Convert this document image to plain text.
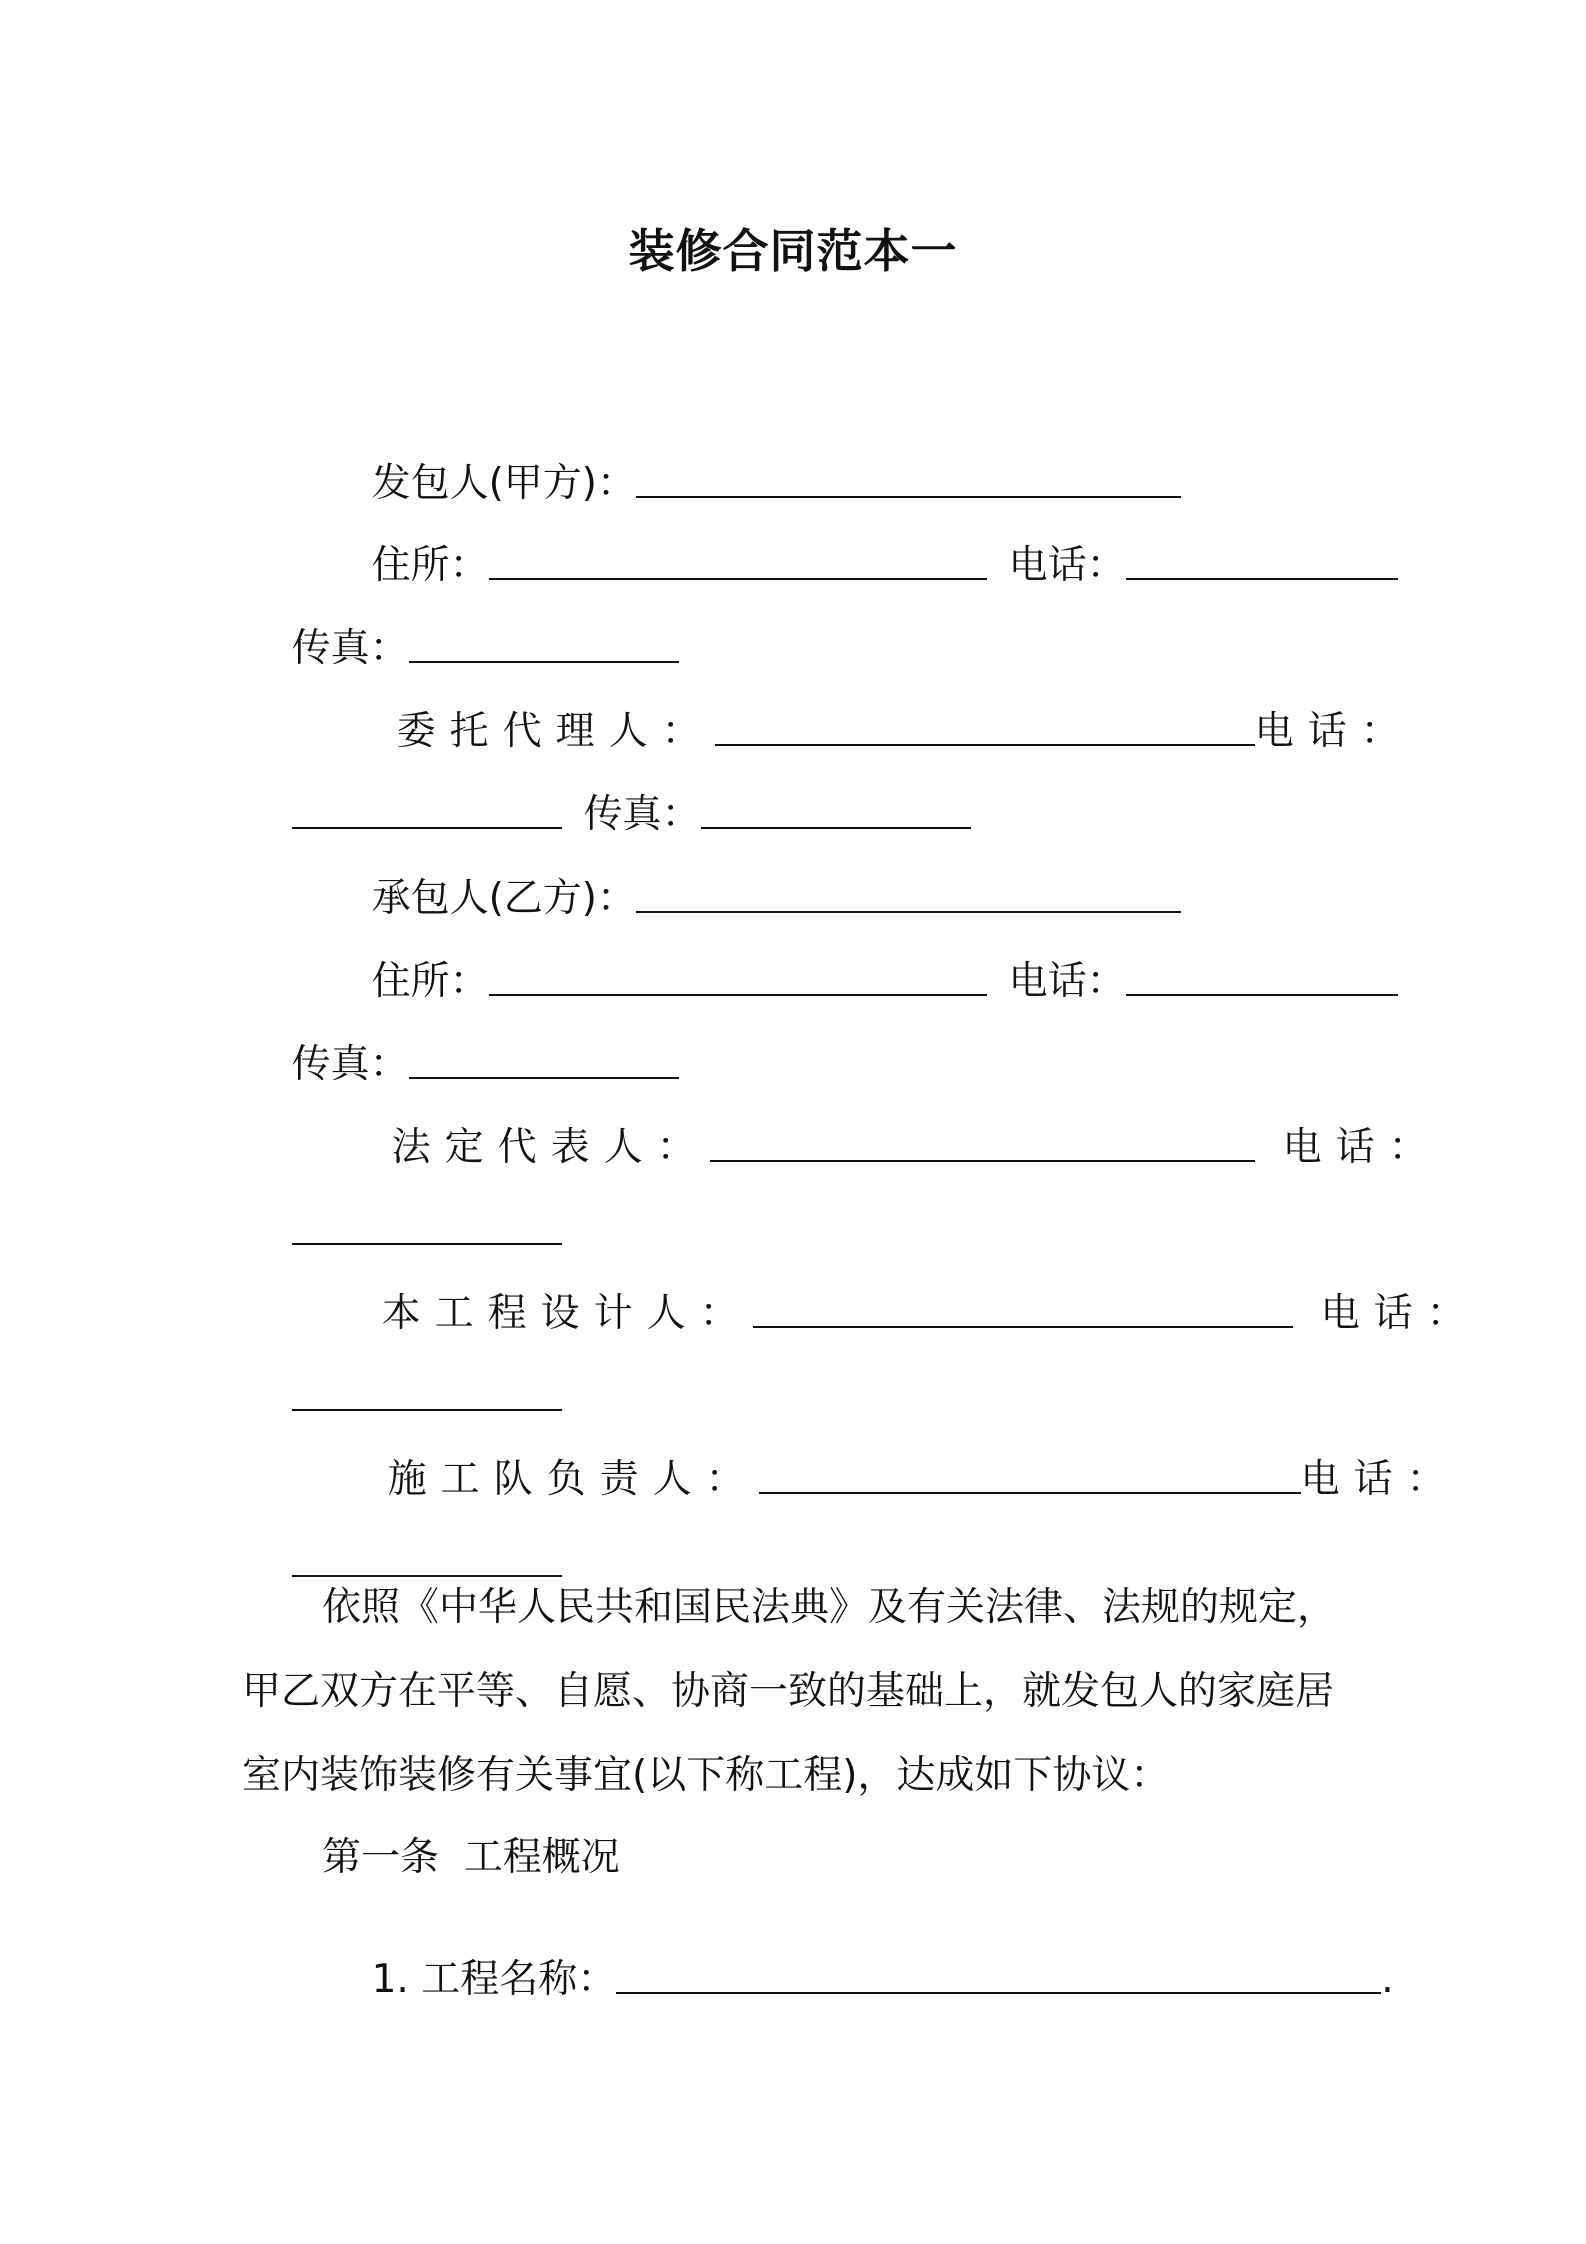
装修合同范本一

发包人(甲方)：

住所：	电话：

传真：

委托代理人：	电话：

传真：

承包人(乙方)：

住所：	电话：

传真：

法定代表人：	电话：

本工程设计人：	电话：

施工队负责人：	电话：

依照《中华人民共和国民法典》及有关法律、法规的规定，甲乙双方在平等、自愿、协商一致的基础上，就发包人的家庭居室内装饰装修有关事宜(以下称工程)，达成如下协议：
第一条  工程概况

1. 工程名称：	.
